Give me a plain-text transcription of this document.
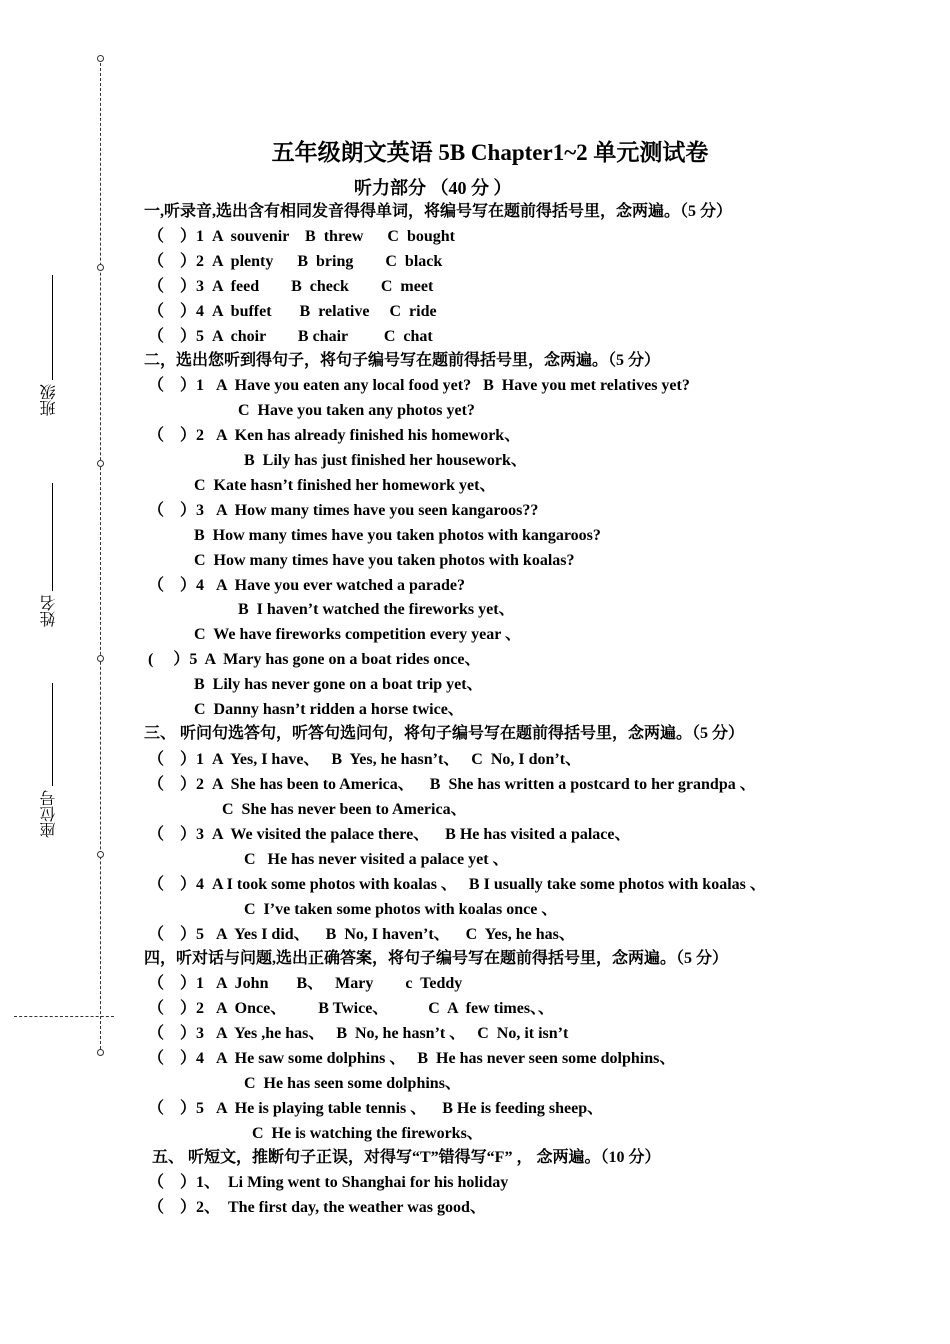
班级
姓名
座位号
五年级朗文英语 5B Chapter1~2 单元测试卷
听力部分 （40 分 ）
一,听录音,选出含有相同发音得得单词，将编号写在题前得括号里，念两遍。（5 分）
（    ）1  A  souvenir    B  threw      C  bought
（    ）2  A  plenty      B  bring        C  black
（    ）3  A  feed        B  check        C  meet
（    ）4  A  buffet       B  relative     C  ride
（    ）5  A  choir        B chair         C  chat
二，选出您听到得句子，将句子编号写在题前得括号里，念两遍。（5 分）
（    ）1   A  Have you eaten any local food yet?   B  Have you met relatives yet?
C  Have you taken any photos yet?
（    ）2   A  Ken has already finished his homework、
B  Lily has just finished her housework、
C  Kate hasn’t finished her homework yet、
（    ）3   A  How many times have you seen kangaroos??
B  How many times have you taken photos with kangaroos?
C  How many times have you taken photos with koalas?
（    ）4   A  Have you ever watched a parade?
B  I haven’t watched the fireworks yet、
C  We have fireworks competition every year 、
(     ）5  A  Mary has gone on a boat rides once、
B  Lily has never gone on a boat trip yet、
C  Danny hasn’t ridden a horse twice、
三、 听问句选答句，听答句选问句，将句子编号写在题前得括号里，念两遍。（5 分）
（    ）1  A  Yes, I have、   B  Yes, he hasn’t、   C  No, I don’t、
（    ）2  A  She has been to America、    B  She has written a postcard to her grandpa 、
C  She has never been to America、
（    ）3  A  We visited the palace there、    B He has visited a palace、
C   He has never visited a palace yet 、
（    ）4  A I took some photos with koalas 、   B I usually take some photos with koalas 、
C  I’ve taken some photos with koalas once 、
（    ）5   A  Yes I did、    B  No, I haven’t、    C  Yes, he has、
四，听对话与问题,选出正确答案，将句子编号写在题前得括号里，念两遍。（5 分）
（    ）1   A  John       B、   Mary        c  Teddy
（    ）2   A  Once、        B Twice、          C  A  few times、、
（    ）3   A  Yes ,he has、   B  No, he hasn’t 、   C  No, it isn’t
（    ）4   A  He saw some dolphins 、   B  He has never seen some dolphins、
C  He has seen some dolphins、
（    ）5   A  He is playing table tennis 、    B He is feeding sheep、
C  He is watching the fireworks、
五、 听短文，推断句子正误，对得写“T”错得写“F” ， 念两遍。（10 分）
（    ）1、  Li Ming went to Shanghai for his holiday
（    ）2、  The first day, the weather was good、
